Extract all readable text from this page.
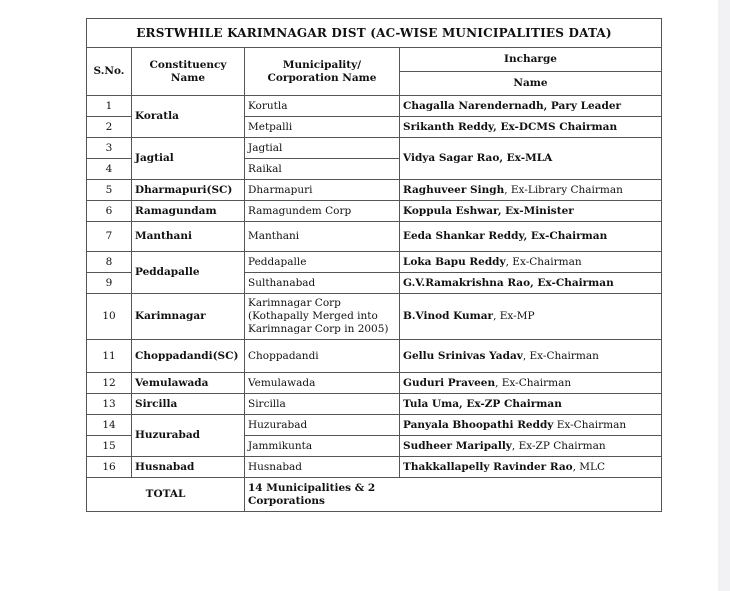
ERSTWHILE KARIMNAGAR DIST (AC-WISE MUNICIPALITIES DATA)			
S.No.	Constituency Name	Municipality/ Corporation Name	Incharge
			Name
1	Koratla	Korutla	Chagalla Narendernadh, Pary Leader
2		Metpalli	Srikanth Reddy, Ex-DCMS Chairman
3	Jagtial	Jagtial	Vidya Sagar Rao, Ex-MLA
4		Raikal	
5	Dharmapuri(SC)	Dharmapuri	Raghuveer Singh, Ex-Library Chairman
6	Ramagundam	Ramagundem Corp	Koppula Eshwar, Ex-Minister
7	Manthani	Manthani	Eeda Shankar Reddy, Ex-Chairman
8	Peddapalle	Peddapalle	Loka Bapu Reddy, Ex-Chairman
9		Sulthanabad	G.V.Ramakrishna Rao, Ex-Chairman
10	Karimnagar	Karimnagar Corp (Kothapally Merged into Karimnagar Corp in 2005)	B.Vinod Kumar, Ex-MP
11	Choppadandi(SC)	Choppadandi	Gellu Srinivas Yadav, Ex-Chairman
12	Vemulawada	Vemulawada	Guduri Praveen, Ex-Chairman
13	Sircilla	Sircilla	Tula Uma, Ex-ZP Chairman
14	Huzurabad	Huzurabad	Panyala Bhoopathi Reddy Ex-Chairman
15		Jammikunta	Sudheer Maripally, Ex-ZP Chairman
16	Husnabad	Husnabad	Thakkallapelly Ravinder Rao, MLC
TOTAL		14 Municipalities & 2 Corporations	
